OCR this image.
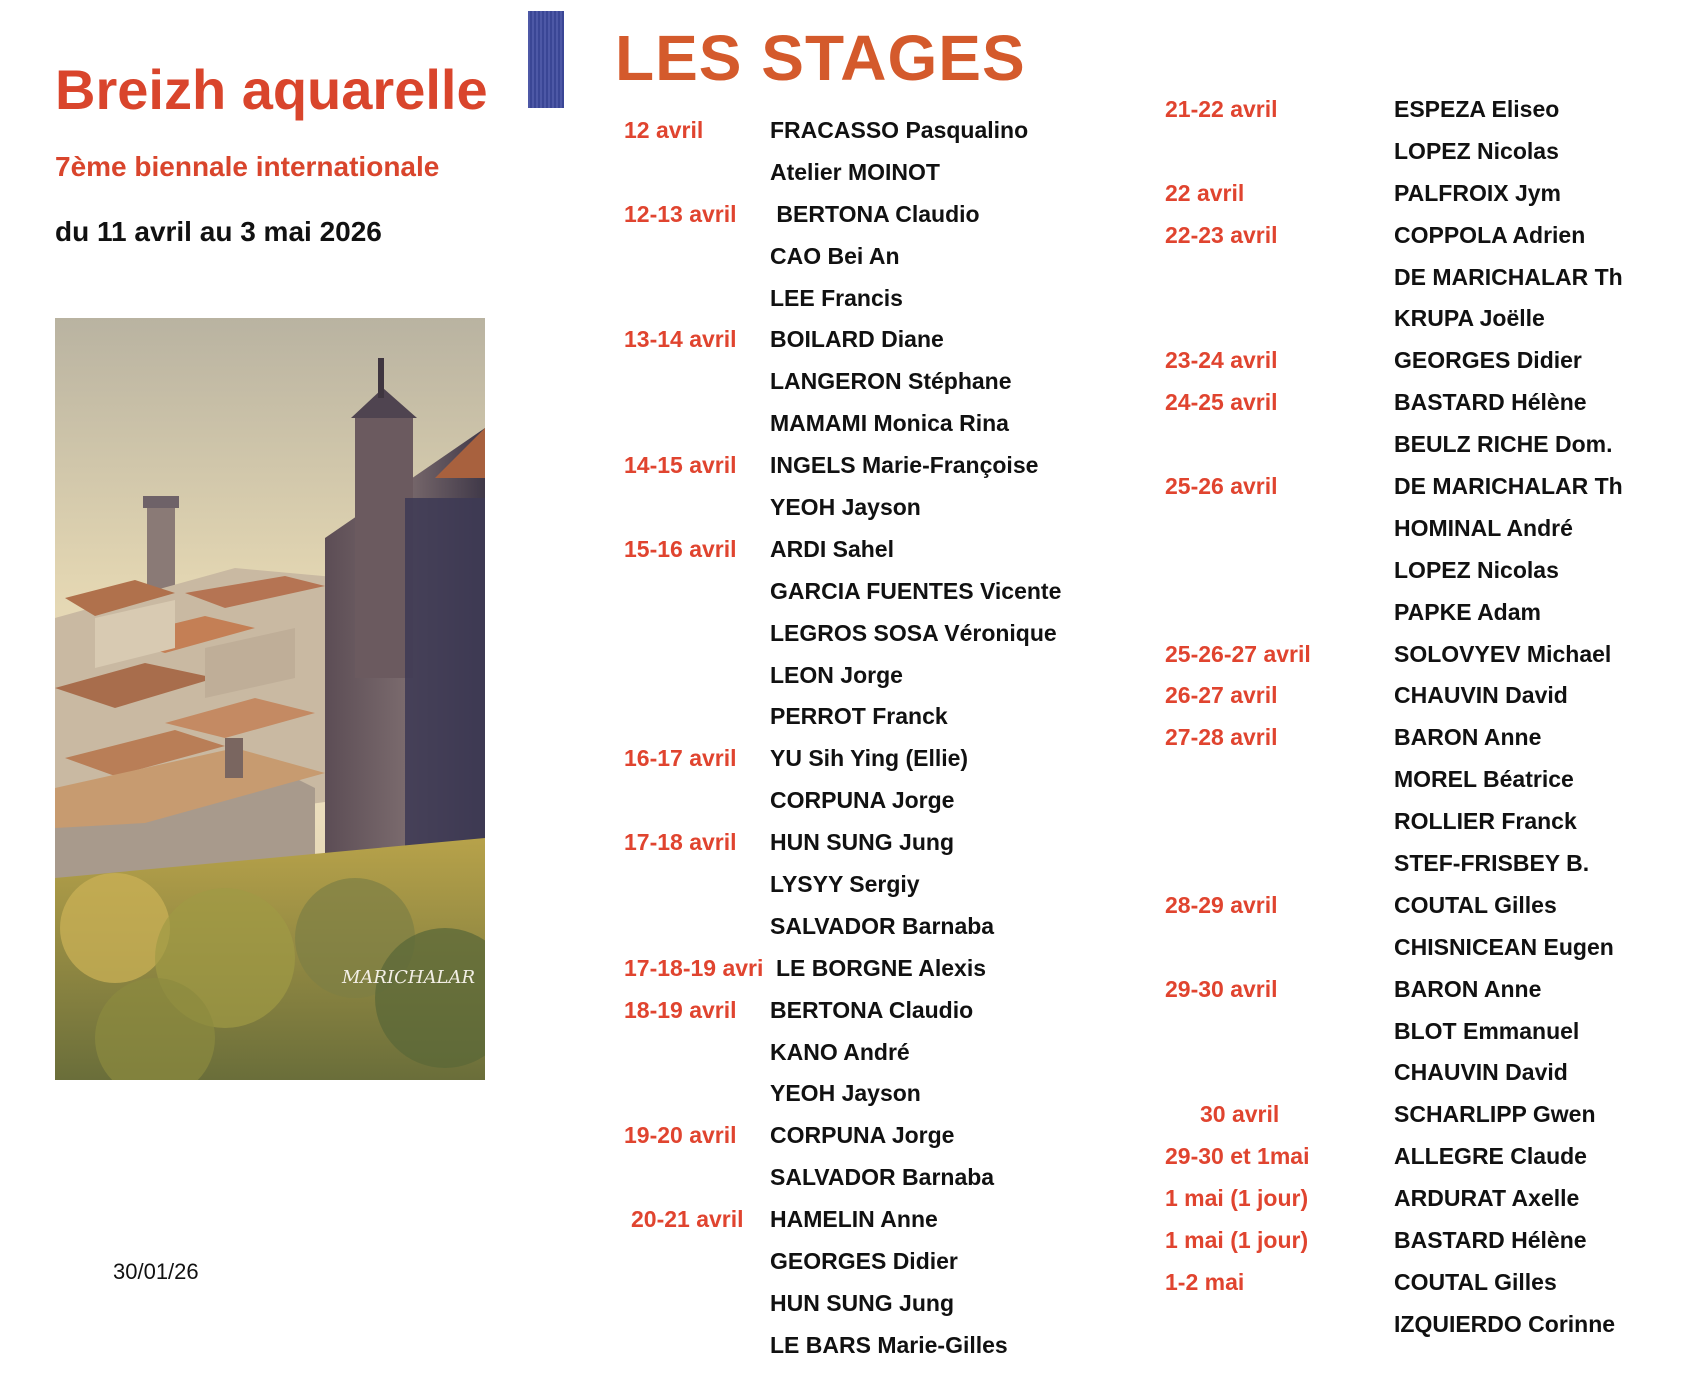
Breizh aquarelle
7ème biennale internationale
du 11 avril au 3 mai 2026
MARICHALAR
30/01/26
LES STAGES
12 avril	FRACASSO Pasqualino
Atelier MOINOT
12-13 avril BERTONA Claudio
CAO Bei An
LEE Francis
13-14 avril BOILARD Diane
LANGERON Stéphane
MAMAMI Monica Rina
14-15 avril INGELS Marie-Françoise
YEOH Jayson
15-16 avril ARDI Sahel
GARCIA FUENTES Vicente
LEGROS SOSA Véronique
LEON Jorge
PERROT Franck
16-17 avril YU Sih Ying (Ellie)
CORPUNA Jorge
17-18 avril HUN SUNG Jung
LYSYY Sergiy
SALVADOR Barnaba
17-18-19 avri LE BORGNE Alexis
18-19 avril BERTONA Claudio
KANO André
YEOH Jayson
19-20 avril CORPUNA Jorge
SALVADOR Barnaba
20-21 avril HAMELIN Anne
GEORGES Didier
HUN SUNG Jung
LE BARS Marie-Gilles
21-22 avril	ESPEZA Eliseo
LOPEZ Nicolas
22 avril	PALFROIX Jym
22-23 avril	COPPOLA Adrien
DE MARICHALAR Th
KRUPA Joëlle
23-24 avril	GEORGES Didier
24-25 avril	BASTARD Hélène
BEULZ RICHE Dom.
25-26 avril	DE MARICHALAR Th
HOMINAL André
LOPEZ Nicolas
PAPKE Adam
25-26-27 avril	SOLOVYEV Michael
26-27 avril	CHAUVIN David
27-28 avril	BARON Anne
MOREL Béatrice
ROLLIER Franck
STEF-FRISBEY B.
28-29 avril	COUTAL Gilles
CHISNICEAN Eugen
29-30 avril	BARON Anne
BLOT Emmanuel
CHAUVIN David
30 avril	SCHARLIPP Gwen
29-30 et 1mai	ALLEGRE Claude
1 mai (1 jour)	ARDURAT Axelle
1 mai (1 jour)	BASTARD Hélène
1-2 mai	COUTAL Gilles
IZQUIERDO Corinne
